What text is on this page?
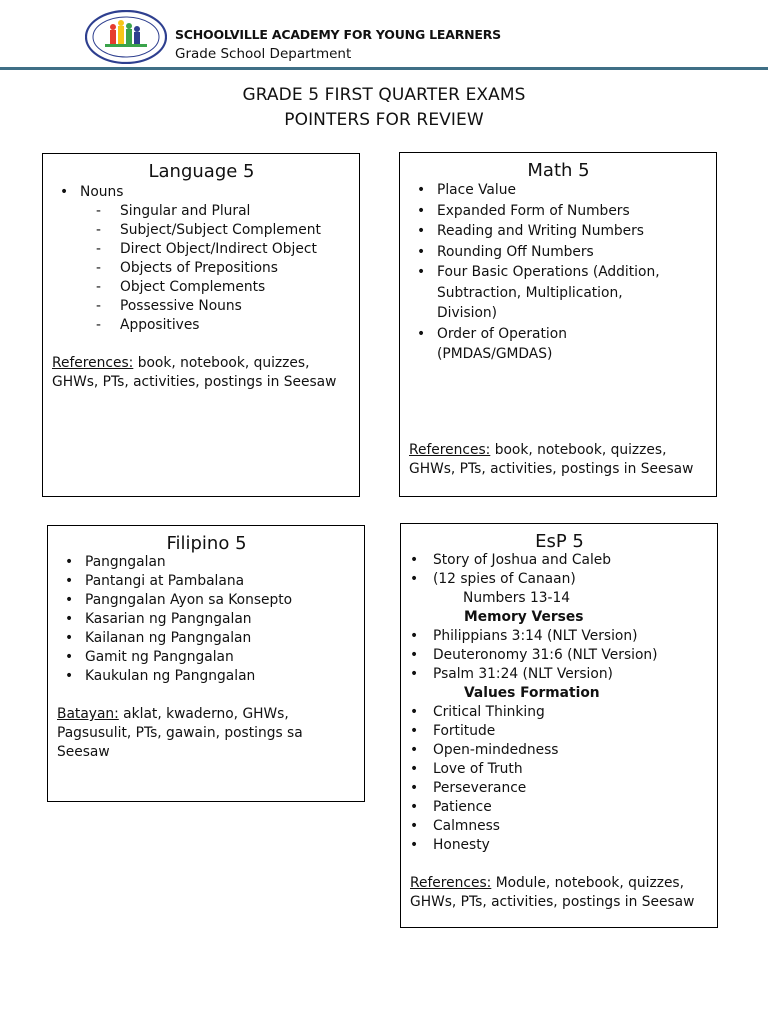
SCHOOLVILLE ACADEMY FOR YOUNG LEARNERS
Grade School Department
GRADE 5 FIRST QUARTER EXAMS
POINTERS FOR REVIEW
Language 5
• Nouns
- Singular and Plural
- Subject/Subject Complement
- Direct Object/Indirect Object
- Objects of Prepositions
- Object Complements
- Possessive Nouns
- Appositives
References: book, notebook, quizzes,
GHWs, PTs, activities, postings in Seesaw
Math 5
• Place Value
• Expanded Form of Numbers
• Reading and Writing Numbers
• Rounding Off Numbers
• Four Basic Operations (Addition,
Subtraction, Multiplication,
Division)
• Order of Operation
(PMDAS/GMDAS)
References: book, notebook, quizzes,
GHWs, PTs, activities, postings in Seesaw
Filipino 5
• Pangngalan
• Pantangi at Pambalana
• Pangngalan Ayon sa Konsepto
• Kasarian ng Pangngalan
• Kailanan ng Pangngalan
• Gamit ng Pangngalan
• Kaukulan ng Pangngalan
Batayan: aklat, kwaderno, GHWs,
Pagsusulit, PTs, gawain, postings sa
Seesaw
EsP 5
• Story of Joshua and Caleb
• (12 spies of Canaan)
Numbers 13-14
Memory Verses
• Philippians 3:14 (NLT Version)
• Deuteronomy 31:6 (NLT Version)
• Psalm 31:24 (NLT Version)
Values Formation
• Critical Thinking
• Fortitude
• Open-mindedness
• Love of Truth
• Perseverance
• Patience
• Calmness
• Honesty
References: Module, notebook, quizzes,
GHWs, PTs, activities, postings in Seesaw
